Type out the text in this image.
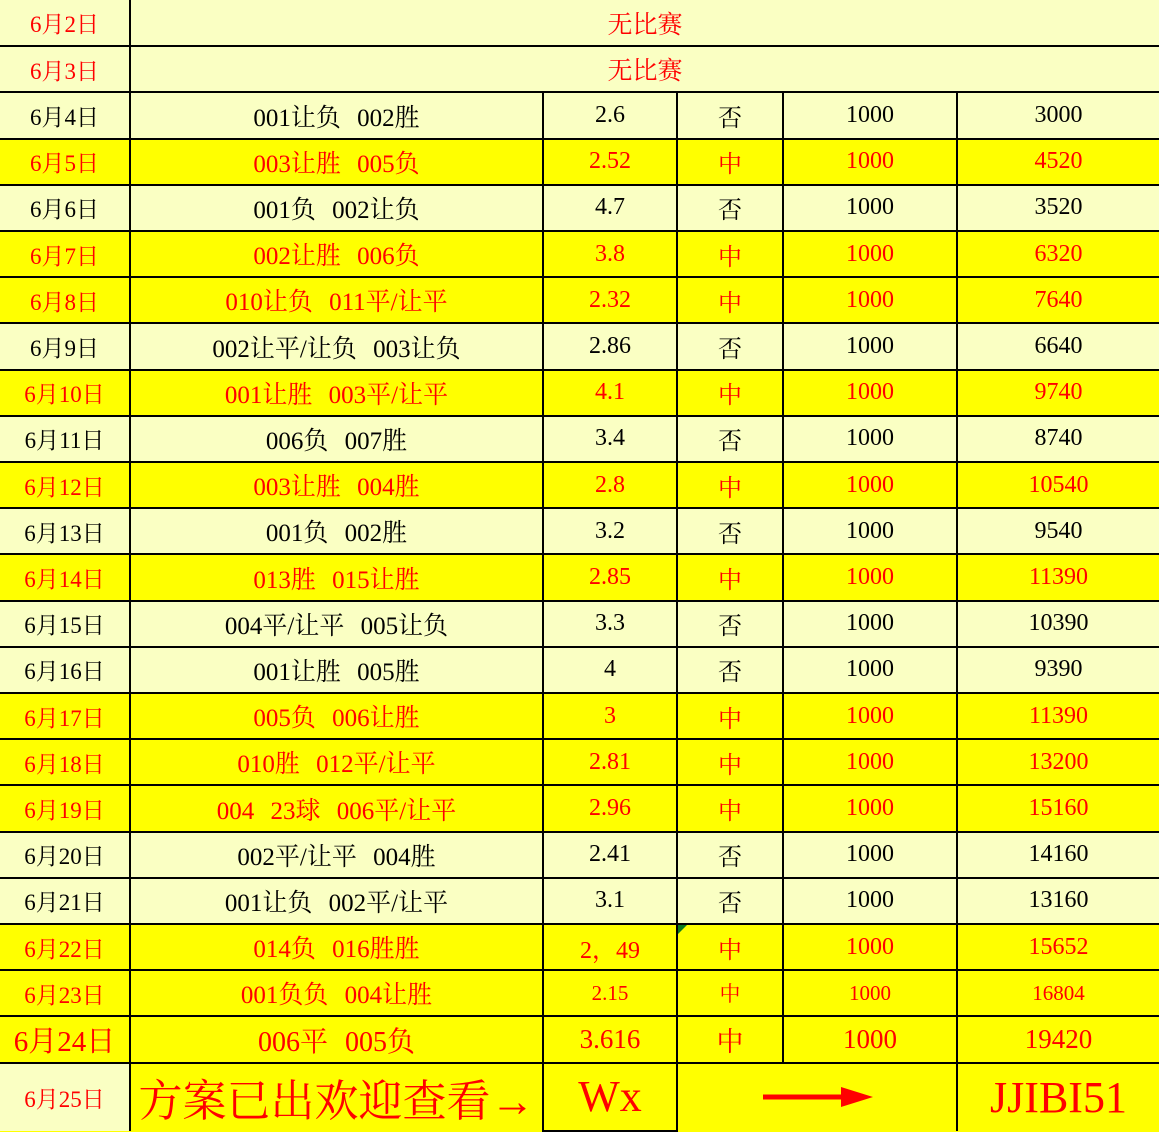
6月2日	无比赛				
6月3日	无比赛				
6月4日	001让负 002胜	2.6	否	1000	3000
6月5日	003让胜 005负	2.52	中	1000	4520
6月6日	001负 002让负	4.7	否	1000	3520
6月7日	002让胜 006负	3.8	中	1000	6320
6月8日	010让负 011平/让平	2.32	中	1000	7640
6月9日	002让平/让负 003让负	2.86	否	1000	6640
6月10日	001让胜 003平/让平	4.1	中	1000	9740
6月11日	006负 007胜	3.4	否	1000	8740
6月12日	003让胜 004胜	2.8	中	1000	10540
6月13日	001负 002胜	3.2	否	1000	9540
6月14日	013胜 015让胜	2.85	中	1000	11390
6月15日	004平/让平 005让负	3.3	否	1000	10390
6月16日	001让胜 005胜	4	否	1000	9390
6月17日	005负 006让胜	3	中	1000	11390
6月18日	010胜 012平/让平	2.81	中	1000	13200
6月19日	004 23球 006平/让平	2.96	中	1000	15160
6月20日	002平/让平 004胜	2.41	否	1000	14160
6月21日	001让负 002平/让平	3.1	否	1000	13160
6月22日	014负 016胜胜	2，49	中	1000	15652
6月23日	001负负 004让胜	2.15	中	1000	16804
6月24日	006平 005负	3.616	中	1000	19420
6月25日	方案已出欢迎查看→	Wx			JJIBI51
